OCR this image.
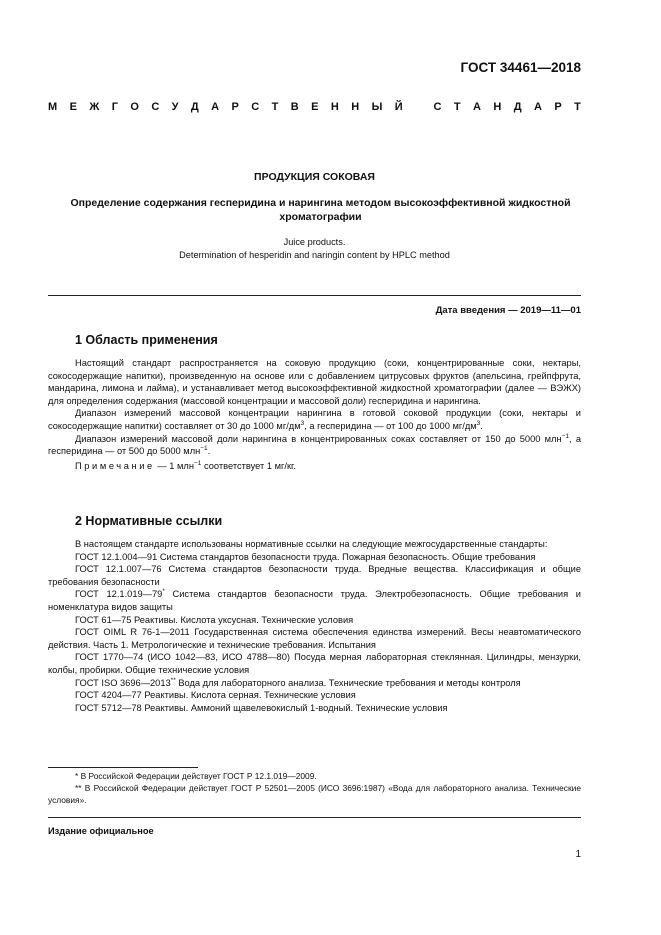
ГОСТ 34461—2018
М Е Ж Г О С У Д А Р С Т В Е Н Н Ы Й	С Т А Н Д А Р Т
ПРОДУКЦИЯ СОКОВАЯ
Определение содержания гесперидина и нарингина методом высокоэффективной жидкостной хроматографии
Juice products.
Determination of hesperidin and naringin content by HPLC method
Дата введения — 2019—11—01
1 Область применения

Настоящий стандарт распространяется на соковую продукцию (соки, концентрированные соки, нектары, сокосодержащие напитки), произведенную на основе или с добавлением цитрусовых фруктов (апельсина, грейпфрута, мандарина, лимона и лайма), и устанавливает метод высокоэффективной жидкостной хроматографии (далее — ВЭЖХ) для определения содержания (массовой концентрации и массовой доли) гесперидина и нарингина.

Диапазон измерений массовой концентрации нарингина в готовой соковой продукции (соки, нектары и сокосодержащие напитки) составляет от 30 до 1000 $мг/дм^3$, а гесперидина — от 100 до 1000 $мг/дм^3$.

Диапазон измерений массовой доли нарингина в концентрированных соках составляет от 150 до 5000 млн$^{-1}$, а гесперидина — от 500 до 5000 млн$^{-1}$.

Примечание — 1 млн$^{-1}$ соответствует 1 мг/кг.

2 Нормативные ссылки

В настоящем стандарте использованы нормативные ссылки на следующие межгосударственные стандарты:

ГОСТ 12.1.004—91 Система стандартов безопасности труда. Пожарная безопасность. Общие требования

ГОСТ 12.1.007—76 Система стандартов безопасности труда. Вредные вещества. Классификация и общие требования безопасности

ГОСТ 12.1.019—79* Система стандартов безопасности труда. Электробезопасность. Общие требования и номенклатура видов защиты

ГОСТ 61—75 Реактивы. Кислота уксусная. Технические условия

ГОСТ OIML R 76-1—2011 Государственная система обеспечения единства измерений. Весы неавтоматического действия. Часть 1. Метрологические и технические требования. Испытания

ГОСТ 1770—74 (ИСО 1042—83, ИСО 4788—80) Посуда мерная лабораторная стеклянная. Цилиндры, мензурки, колбы, пробирки. Общие технические условия

ГОСТ ISO 3696—2013** Вода для лабораторного анализа. Технические требования и методы контроля

ГОСТ 4204—77 Реактивы. Кислота серная. Технические условия

ГОСТ 5712—78 Реактивы. Аммоний щавелевокислый 1-водный. Технические условия

* В Российской Федерации действует ГОСТ Р 12.1.019—2009.

** В Российской Федерации действует ГОСТ Р 52501—2005 (ИСО 3696:1987) «Вода для лабораторного анализа. Технические условия».

Издание официальное
1
